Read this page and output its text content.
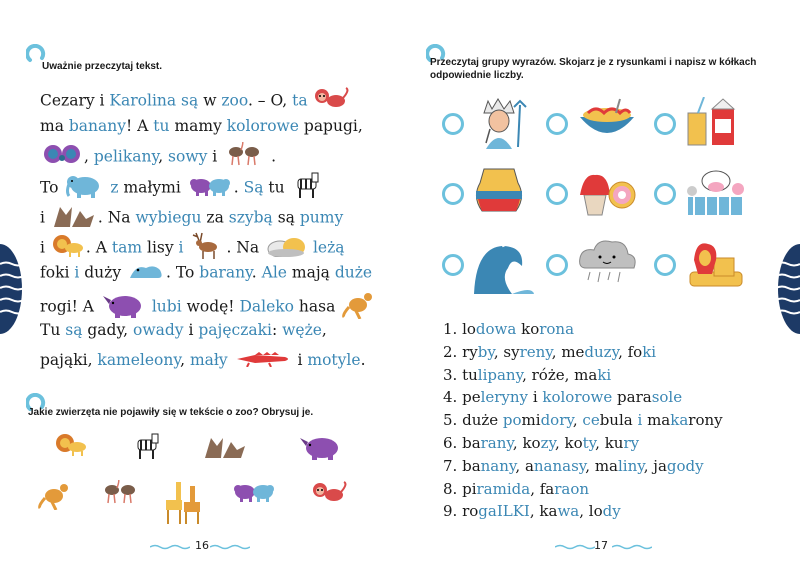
Uważnie przeczytaj tekst.
Cezary i Karolina są w zoo. – O, ta
ma banany! A tu mamy kolorowe papugi,
, pelikany, sowy i	.
To	z małymi	. Są tu
i	. Na wybiegu za szybą są pumy
i . A tam lisy i . Na	leżą
foki i duży	. To barany. Ale mają duże
rogi! A	lubi wodę! Daleko hasa
Tu są gady, owady i pajęczaki: węże,
pająki, kameleony, mały	i motyle.
Jakie zwierzęta nie pojawiły się w tekście o zoo? Obrysuj je.
16
Przeczytaj grupy wyrazów. Skojarz je z rysunkami i napisz w kółkach odpowiednie liczby.
1. lodowa korona
2. ryby, syreny, meduzy, foki
3. tulipany, róże, maki
4. peleryny i kolorowe parasole
5. duże pomidory, cebula i makarony
6. barany, kozy, koty, kury
7. banany, ananasy, maliny, jagody
8. piramida, faraon
9. rogaILKI, kawa, lody
17
